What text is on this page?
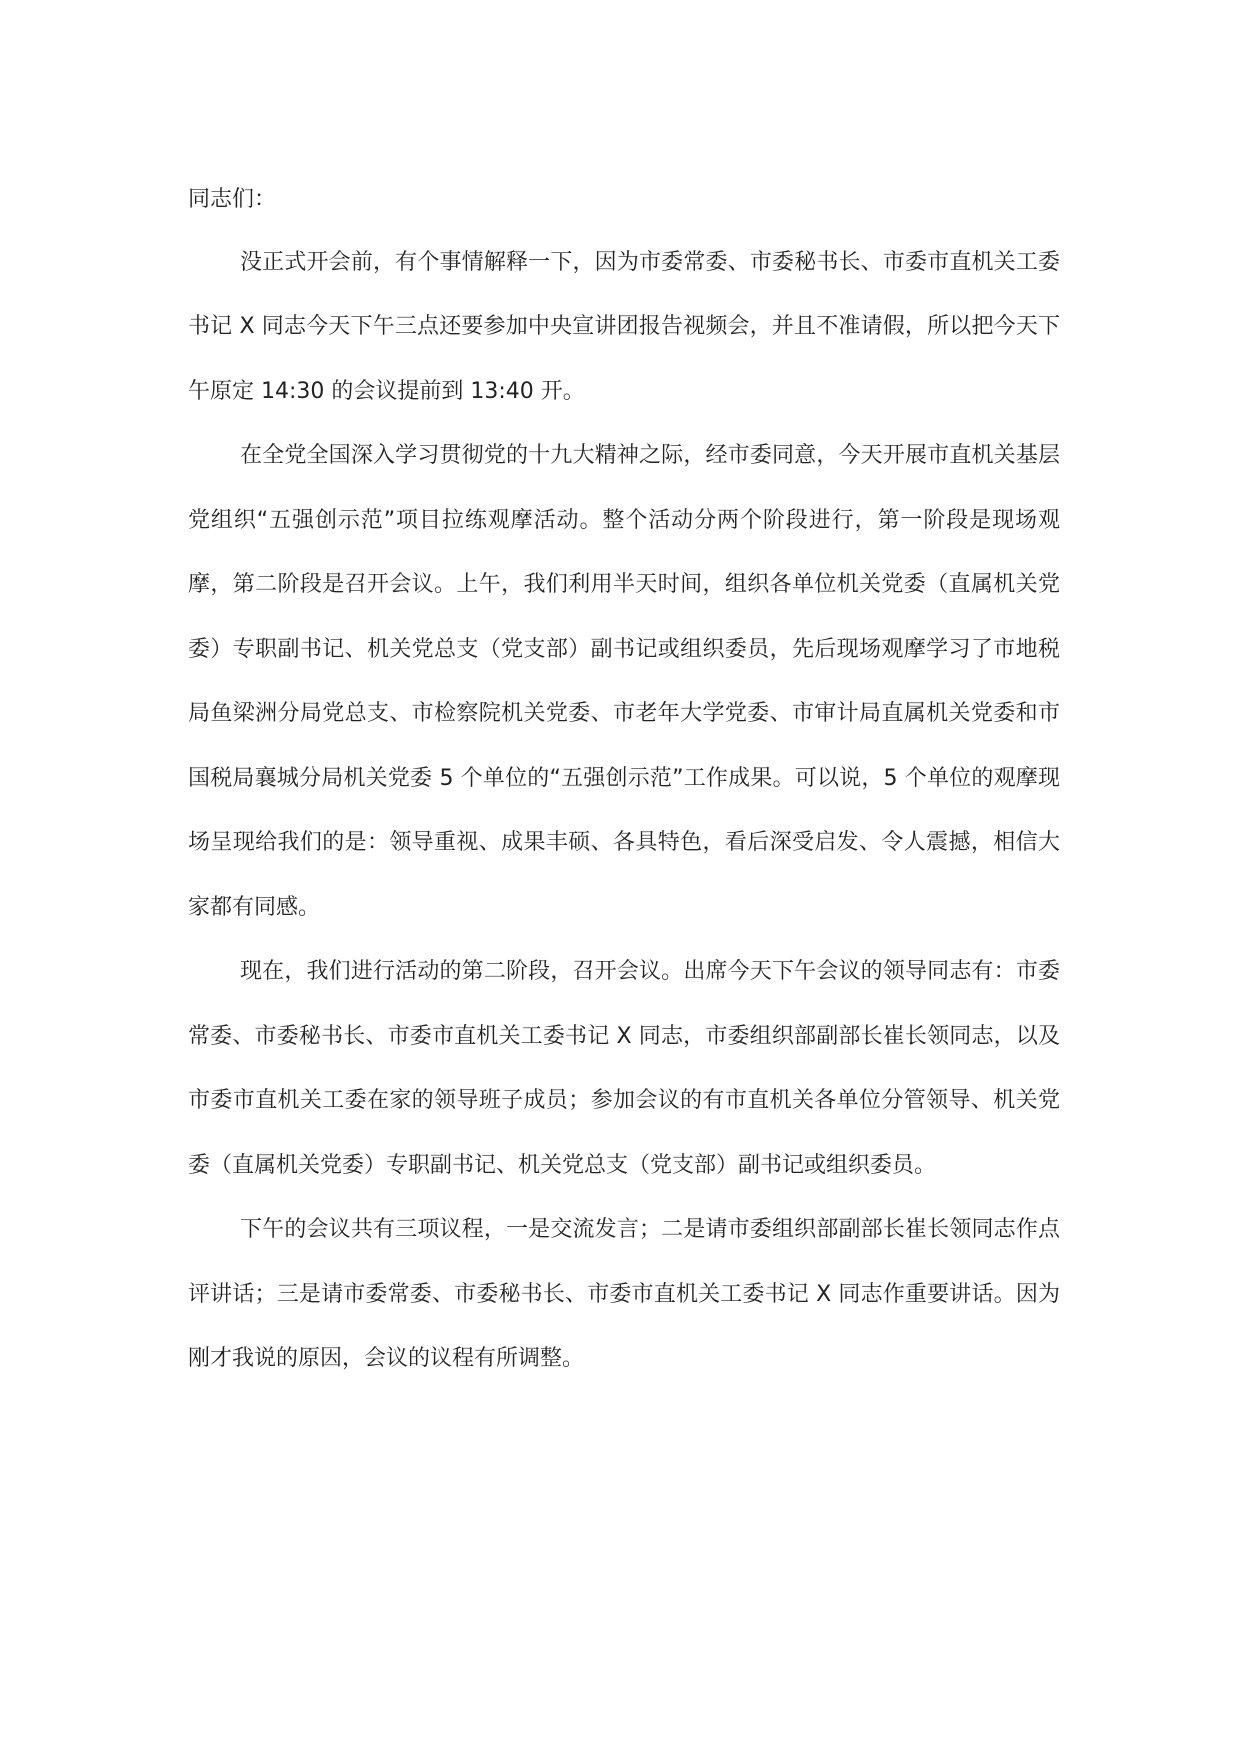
同志们：

没正式开会前，有个事情解释一下，因为市委常委、市委秘书长、市委市直机关工委书记 X 同志今天下午三点还要参加中央宣讲团报告视频会，并且不准请假，所以把今天下午原定 14:30 的会议提前到 13:40 开。

在全党全国深入学习贯彻党的十九大精神之际，经市委同意，今天开展市直机关基层党组织“五强创示范”项目拉练观摩活动。整个活动分两个阶段进行，第一阶段是现场观摩，第二阶段是召开会议。上午，我们利用半天时间，组织各单位机关党委（直属机关党委）专职副书记、机关党总支（党支部）副书记或组织委员，先后现场观摩学习了市地税局鱼梁洲分局党总支、市检察院机关党委、市老年大学党委、市审计局直属机关党委和市国税局襄城分局机关党委 5 个单位的“五强创示范”工作成果。可以说，5 个单位的观摩现场呈现给我们的是：领导重视、成果丰硕、各具特色，看后深受启发、令人震撼，相信大家都有同感。

现在，我们进行活动的第二阶段，召开会议。出席今天下午会议的领导同志有：市委常委、市委秘书长、市委市直机关工委书记 X 同志，市委组织部副部长崔长领同志，以及市委市直机关工委在家的领导班子成员；参加会议的有市直机关各单位分管领导、机关党委（直属机关党委）专职副书记、机关党总支（党支部）副书记或组织委员。

下午的会议共有三项议程，一是交流发言；二是请市委组织部副部长崔长领同志作点评讲话；三是请市委常委、市委秘书长、市委市直机关工委书记 X 同志作重要讲话。因为刚才我说的原因，会议的议程有所调整。
